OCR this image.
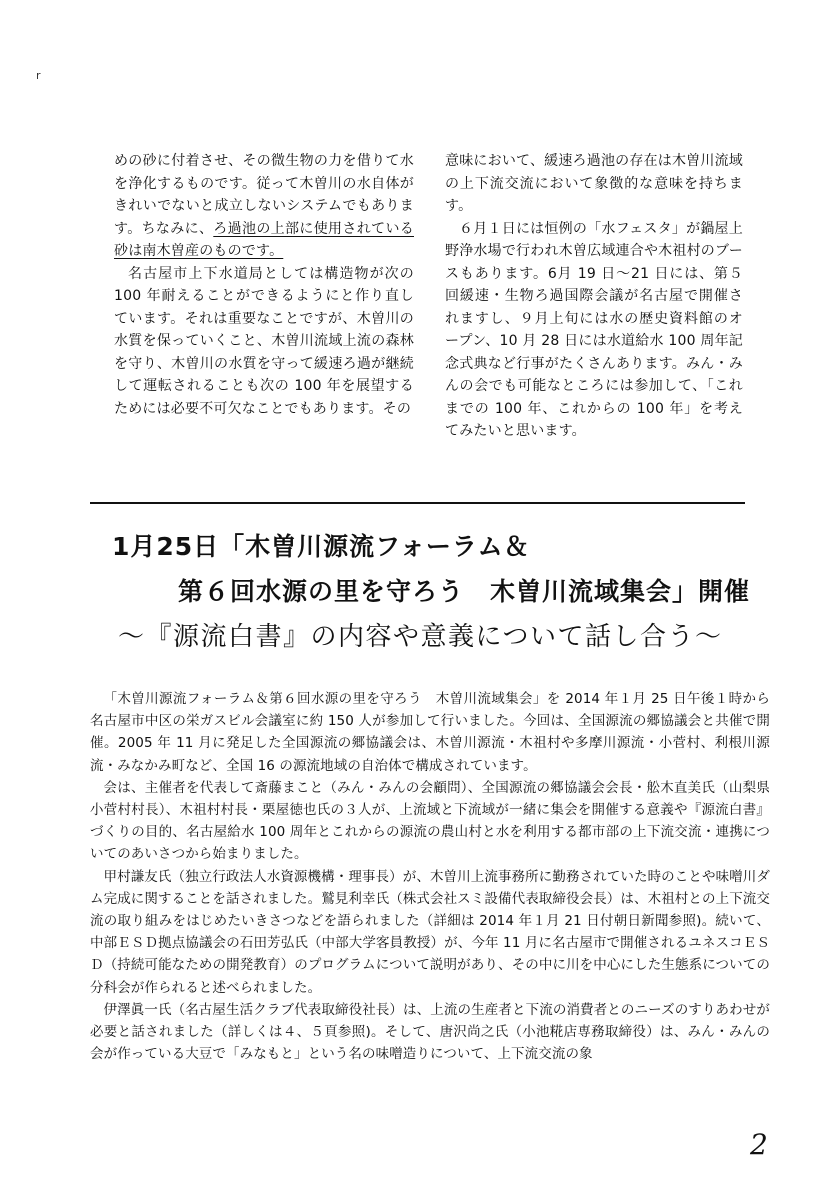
r

めの砂に付着させ、その微生物の力を借りて水を浄化するものです。従って木曽川の水自体がきれいでないと成立しないシステムでもあります。ちなみに、ろ過池の上部に使用されている砂は南木曽産のものです。

名古屋市上下水道局としては構造物が次の 100 年耐えることができるようにと作り直しています。それは重要なことですが、木曽川の水質を保っていくこと、木曽川流域上流の森林を守り、木曽川の水質を守って緩速ろ過が継続して運転されることも次の 100 年を展望するためには必要不可欠なことでもあります。その

意味において、緩速ろ過池の存在は木曽川流域の上下流交流において象徴的な意味を持ちます。

６月１日には恒例の「水フェスタ」が鍋屋上野浄水場で行われ木曽広域連合や木祖村のブースもあります。6月 19 日～21 日には、第５回緩速・生物ろ過国際会議が名古屋で開催されますし、９月上旬には水の歴史資料館のオープン、10 月 28 日には水道給水 100 周年記念式典など行事がたくさんあります。みん・みんの会でも可能なところには参加して、「これまでの 100 年、これからの 100 年」を考えてみたいと思います。

1月25日「木曽川源流フォーラム＆
第６回水源の里を守ろう　木曽川流域集会」開催
～『源流白書』の内容や意義について話し合う～

「木曽川源流フォーラム＆第６回水源の里を守ろう　木曽川流域集会」を 2014 年１月 25 日午後１時から名古屋市中区の栄ガスビル会議室に約 150 人が参加して行いました。今回は、全国源流の郷協議会と共催で開催。2005 年 11 月に発足した全国源流の郷協議会は、木曽川源流・木祖村や多摩川源流・小菅村、利根川源流・みなかみ町など、全国 16 の源流地域の自治体で構成されています。

会は、主催者を代表して斎藤まこと（みん・みんの会顧問）、全国源流の郷協議会会長・舩木直美氏（山梨県小菅村村長）、木祖村村長・栗屋徳也氏の３人が、上流域と下流域が一緒に集会を開催する意義や『源流白書』づくりの目的、名古屋給水 100 周年とこれからの源流の農山村と水を利用する都市部の上下流交流・連携についてのあいさつから始まりました。

甲村謙友氏（独立行政法人水資源機構・理事長）が、木曽川上流事務所に勤務されていた時のことや味噌川ダム完成に関することを話されました。鷲見利幸氏（株式会社スミ設備代表取締役会長）は、木祖村との上下流交流の取り組みをはじめたいきさつなどを語られました（詳細は 2014 年１月 21 日付朝日新聞参照)。続いて、中部ＥＳＤ拠点協議会の石田芳弘氏（中部大学客員教授）が、今年 11 月に名古屋市で開催されるユネスコＥＳＤ（持続可能なための開発教育）のプログラムについて説明があり、その中に川を中心にした生態系についての分科会が作られると述べられました。

伊澤眞一氏（名古屋生活クラブ代表取締役社長）は、上流の生産者と下流の消費者とのニーズのすりあわせが必要と話されました（詳しくは４、５頁参照)。そして、唐沢尚之氏（小池糀店専務取締役）は、みん・みんの会が作っている大豆で「みなもと」という名の味噌造りについて、上下流交流の象

2
